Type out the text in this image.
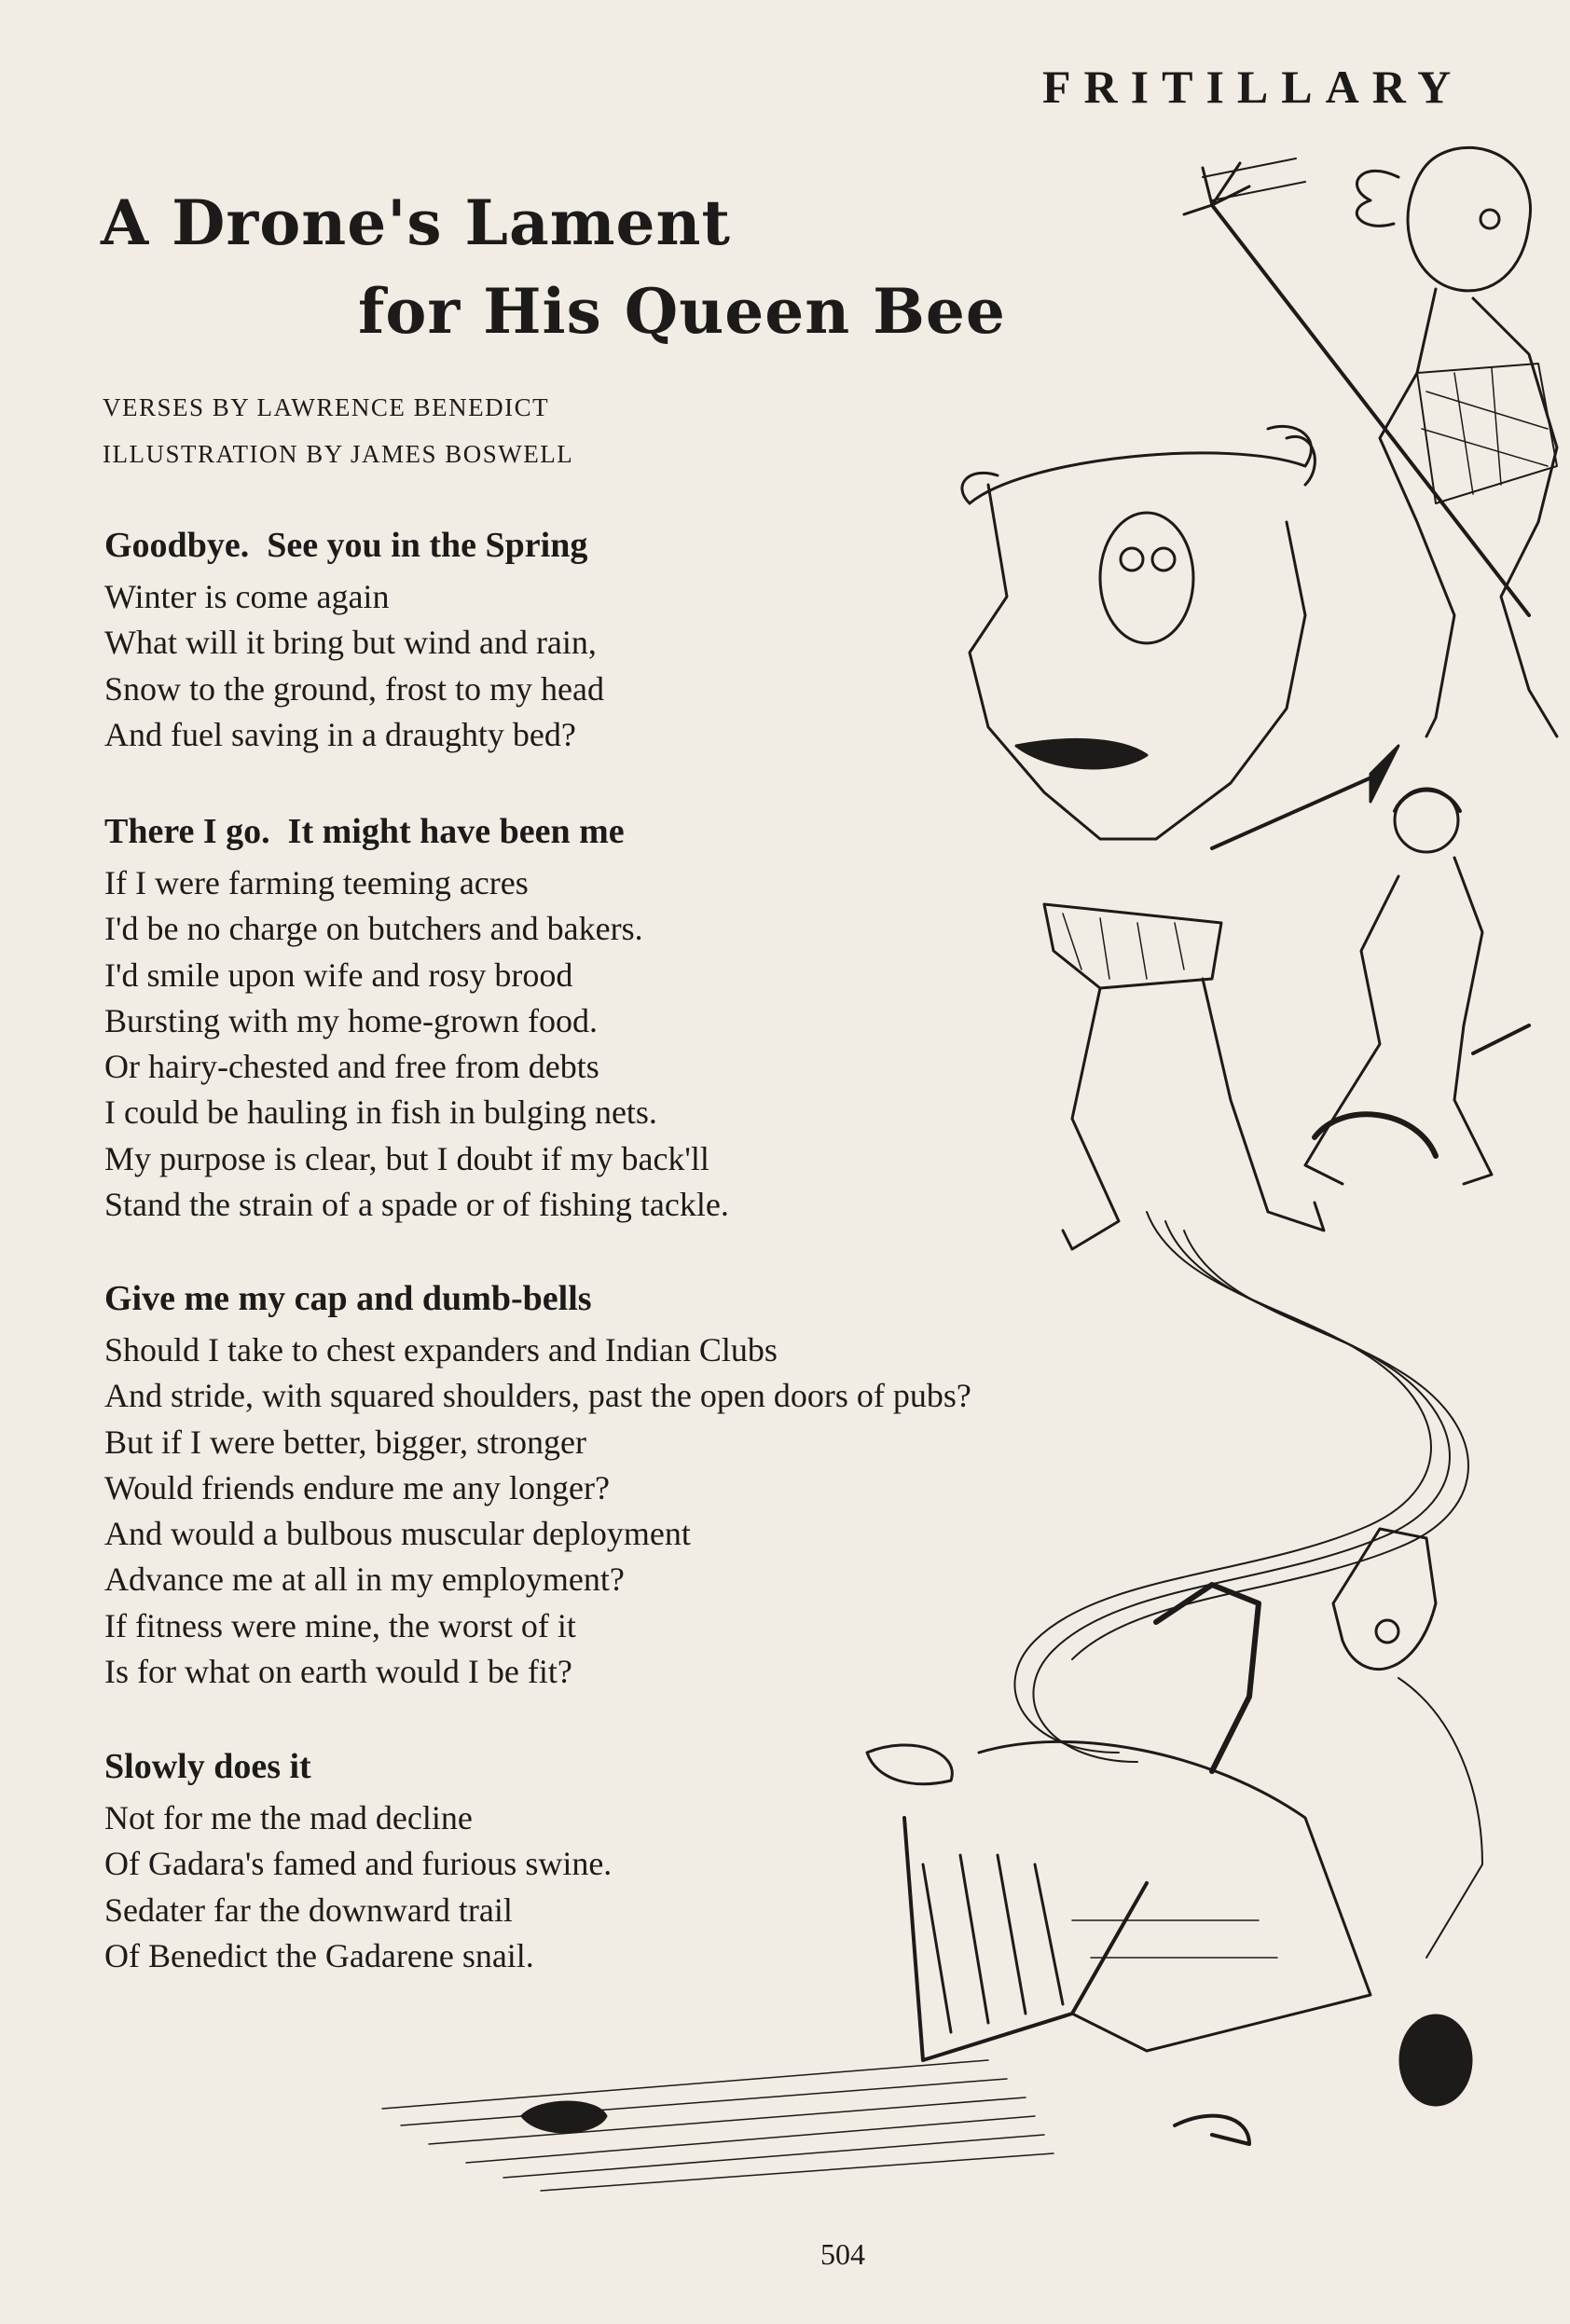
FRITILLARY
A Drone's Lament
for His Queen Bee
VERSES BY LAWRENCE BENEDICT
ILLUSTRATION BY JAMES BOSWELL
Goodbye.  See you in the Spring
Winter is come again
What will it bring but wind and rain,
Snow to the ground, frost to my head
And fuel saving in a draughty bed?
There I go.  It might have been me
If I were farming teeming acres
I'd be no charge on butchers and bakers.
I'd smile upon wife and rosy brood
Bursting with my home-grown food.
Or hairy-chested and free from debts
I could be hauling in fish in bulging nets.
My purpose is clear, but I doubt if my back'll
Stand the strain of a spade or of fishing tackle.
Give me my cap and dumb-bells
Should I take to chest expanders and Indian Clubs
And stride, with squared shoulders, past the open doors of pubs?
But if I were better, bigger, stronger
Would friends endure me any longer?
And would a bulbous muscular deployment
Advance me at all in my employment?
If fitness were mine, the worst of it
Is for what on earth would I be fit?
Slowly does it
Not for me the mad decline
Of Gadara's famed and furious swine.
Sedater far the downward trail
Of Benedict the Gadarene snail.
504
